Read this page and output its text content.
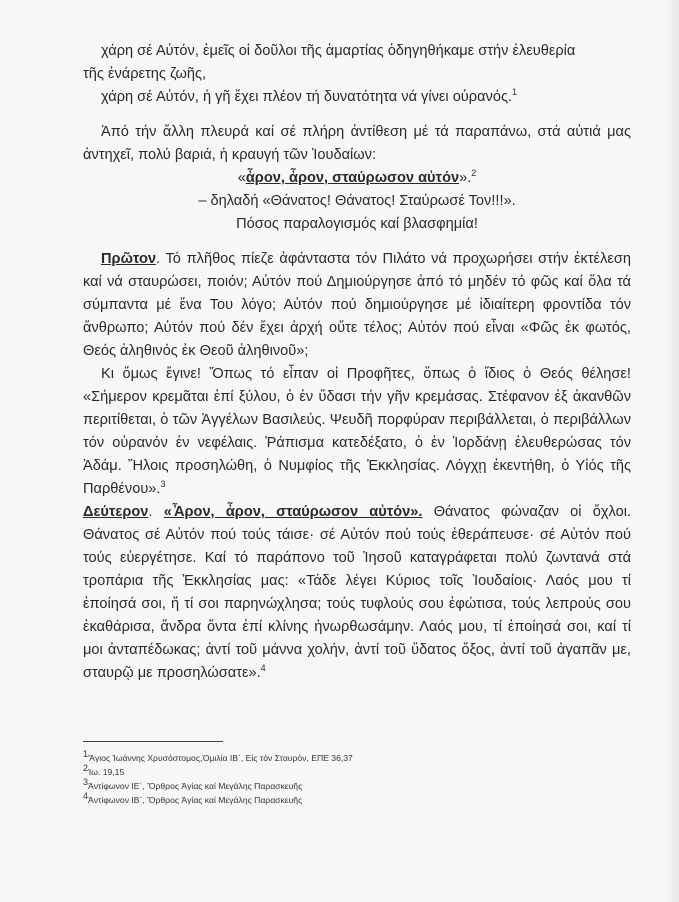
χάρη σέ Αὐτόν, ἐμεῖς οἱ δοῦλοι τῆς ἁμαρτίας ὁδηγηθήκαμε στήν ἐλευθερία

τῆς ἐνάρετης ζωῆς,

χάρη σέ Αὐτόν, ἡ γῆ ἔχει πλέον τή δυνατότητα νά γίνει οὐρανός.$^1$

Ἀπό τήν ἄλλη πλευρά καί σέ πλήρη ἀντίθεση μέ τά παραπάνω, στά αὐτιά μας ἀντηχεῖ, πολύ βαριά, ἡ κραυγή τῶν Ἰουδαίων:

«ἆρον, ἆρον, σταύρωσον αὐτόν».$^2$

– δηλαδή «Θάνατος! Θάνατος! Σταύρωσέ Τον!!!».

Πόσος παραλογισμός καί βλασφημία!

Πρῶτον. Τό πλῆθος πίεζε ἀφάνταστα τόν Πιλάτο νά προχωρήσει στήν ἐκτέλεση καί νά σταυρώσει, ποιόν; Αὐτόν πού Δημιούργησε ἀπό τό μηδέν τό φῶς καί ὅλα τά σύμπαντα μέ ἕνα Του λόγο; Αὐτόν πού δημιούργησε μέ ἰδιαίτερη φροντίδα τόν ἄνθρωπο; Αὐτόν πού δέν ἔχει ἀρχή οὔτε τέλος; Αὐτόν πού εἶναι «Φῶς ἐκ φωτός, Θεός ἀληθινός ἐκ Θεοῦ ἀληθινοῦ»;

Κι ὅμως ἔγινε! Ὅπως τό εἶπαν οἱ Προφῆτες, ὅπως ὁ ἴδιος ὁ Θεός θέλησε! «Σήμερον κρεμᾶται ἐπί ξύλου, ὁ ἐν ὕδασι τήν γῆν κρεμάσας. Στέφανον ἐξ ἀκανθῶν περιτίθεται, ὁ τῶν Ἀγγέλων Βασιλεύς. Ψευδῆ πορφύραν περιβάλλεται, ὁ περιβάλλων τόν οὐρανόν ἐν νεφέλαις. Ῥάπισμα κατεδέξατο, ὁ ἐν Ἰορδάνῃ ἐλευθερώσας τόν Ἀδάμ. Ἥλοις προσηλώθη, ὁ Νυμφίος τῆς Ἐκκλησίας. Λόγχῃ ἐκεντήθη, ὁ Υἱός τῆς Παρθένου».$^3$

Δεύτερον. «Ἆρον, ἆρον, σταύρωσον αὐτόν». Θάνατος φώναζαν οἱ ὄχλοι. Θάνατος σέ Αὐτόν πού τούς τάισε· σέ Αὐτόν πού τούς ἐθεράπευσε· σέ Αὐτόν πού τούς εὐεργέτησε. Καί τό παράπονο τοῦ Ἰησοῦ καταγράφεται πολύ ζωντανά στά τροπάρια τῆς Ἐκκλησίας μας: «Τάδε λέγει Κύριος τοῖς Ἰουδαίοις· Λαός μου τί ἐποίησά σοι, ἤ τί σοι παρηνώχλησα; τούς τυφλούς σου ἐφώτισα, τούς λεπρούς σου ἐκαθάρισα, ἄνδρα ὄντα ἐπί κλίνης ἠνωρθωσάμην. Λαός μου, τί ἐποίησά σοι, καί τί μοι ἀνταπέδωκας; ἀντί τοῦ μάννα χολήν, ἀντί τοῦ ὕδατος ὄξος, ἀντί τοῦ ἀγαπᾶν με, σταυρῷ με προσηλώσατε».$^4$

$^1$Ἅγιος Ἰωάννης Χρυσόστομος,Ὁμιλία ΙΒ΄, Εἰς τόν Σταυρόν, ΕΠΕ 36,37
$^2$Ἰω. 19,15
$^3$Ἀντίφωνον ΙΕ΄, Ὄρθρος Ἁγίας καί Μεγάλης Παρασκευῆς
$^4$Ἀντίφωνον ΙΒ΄, Ὄρθρος Ἁγίας καί Μεγάλης Παρασκευῆς
